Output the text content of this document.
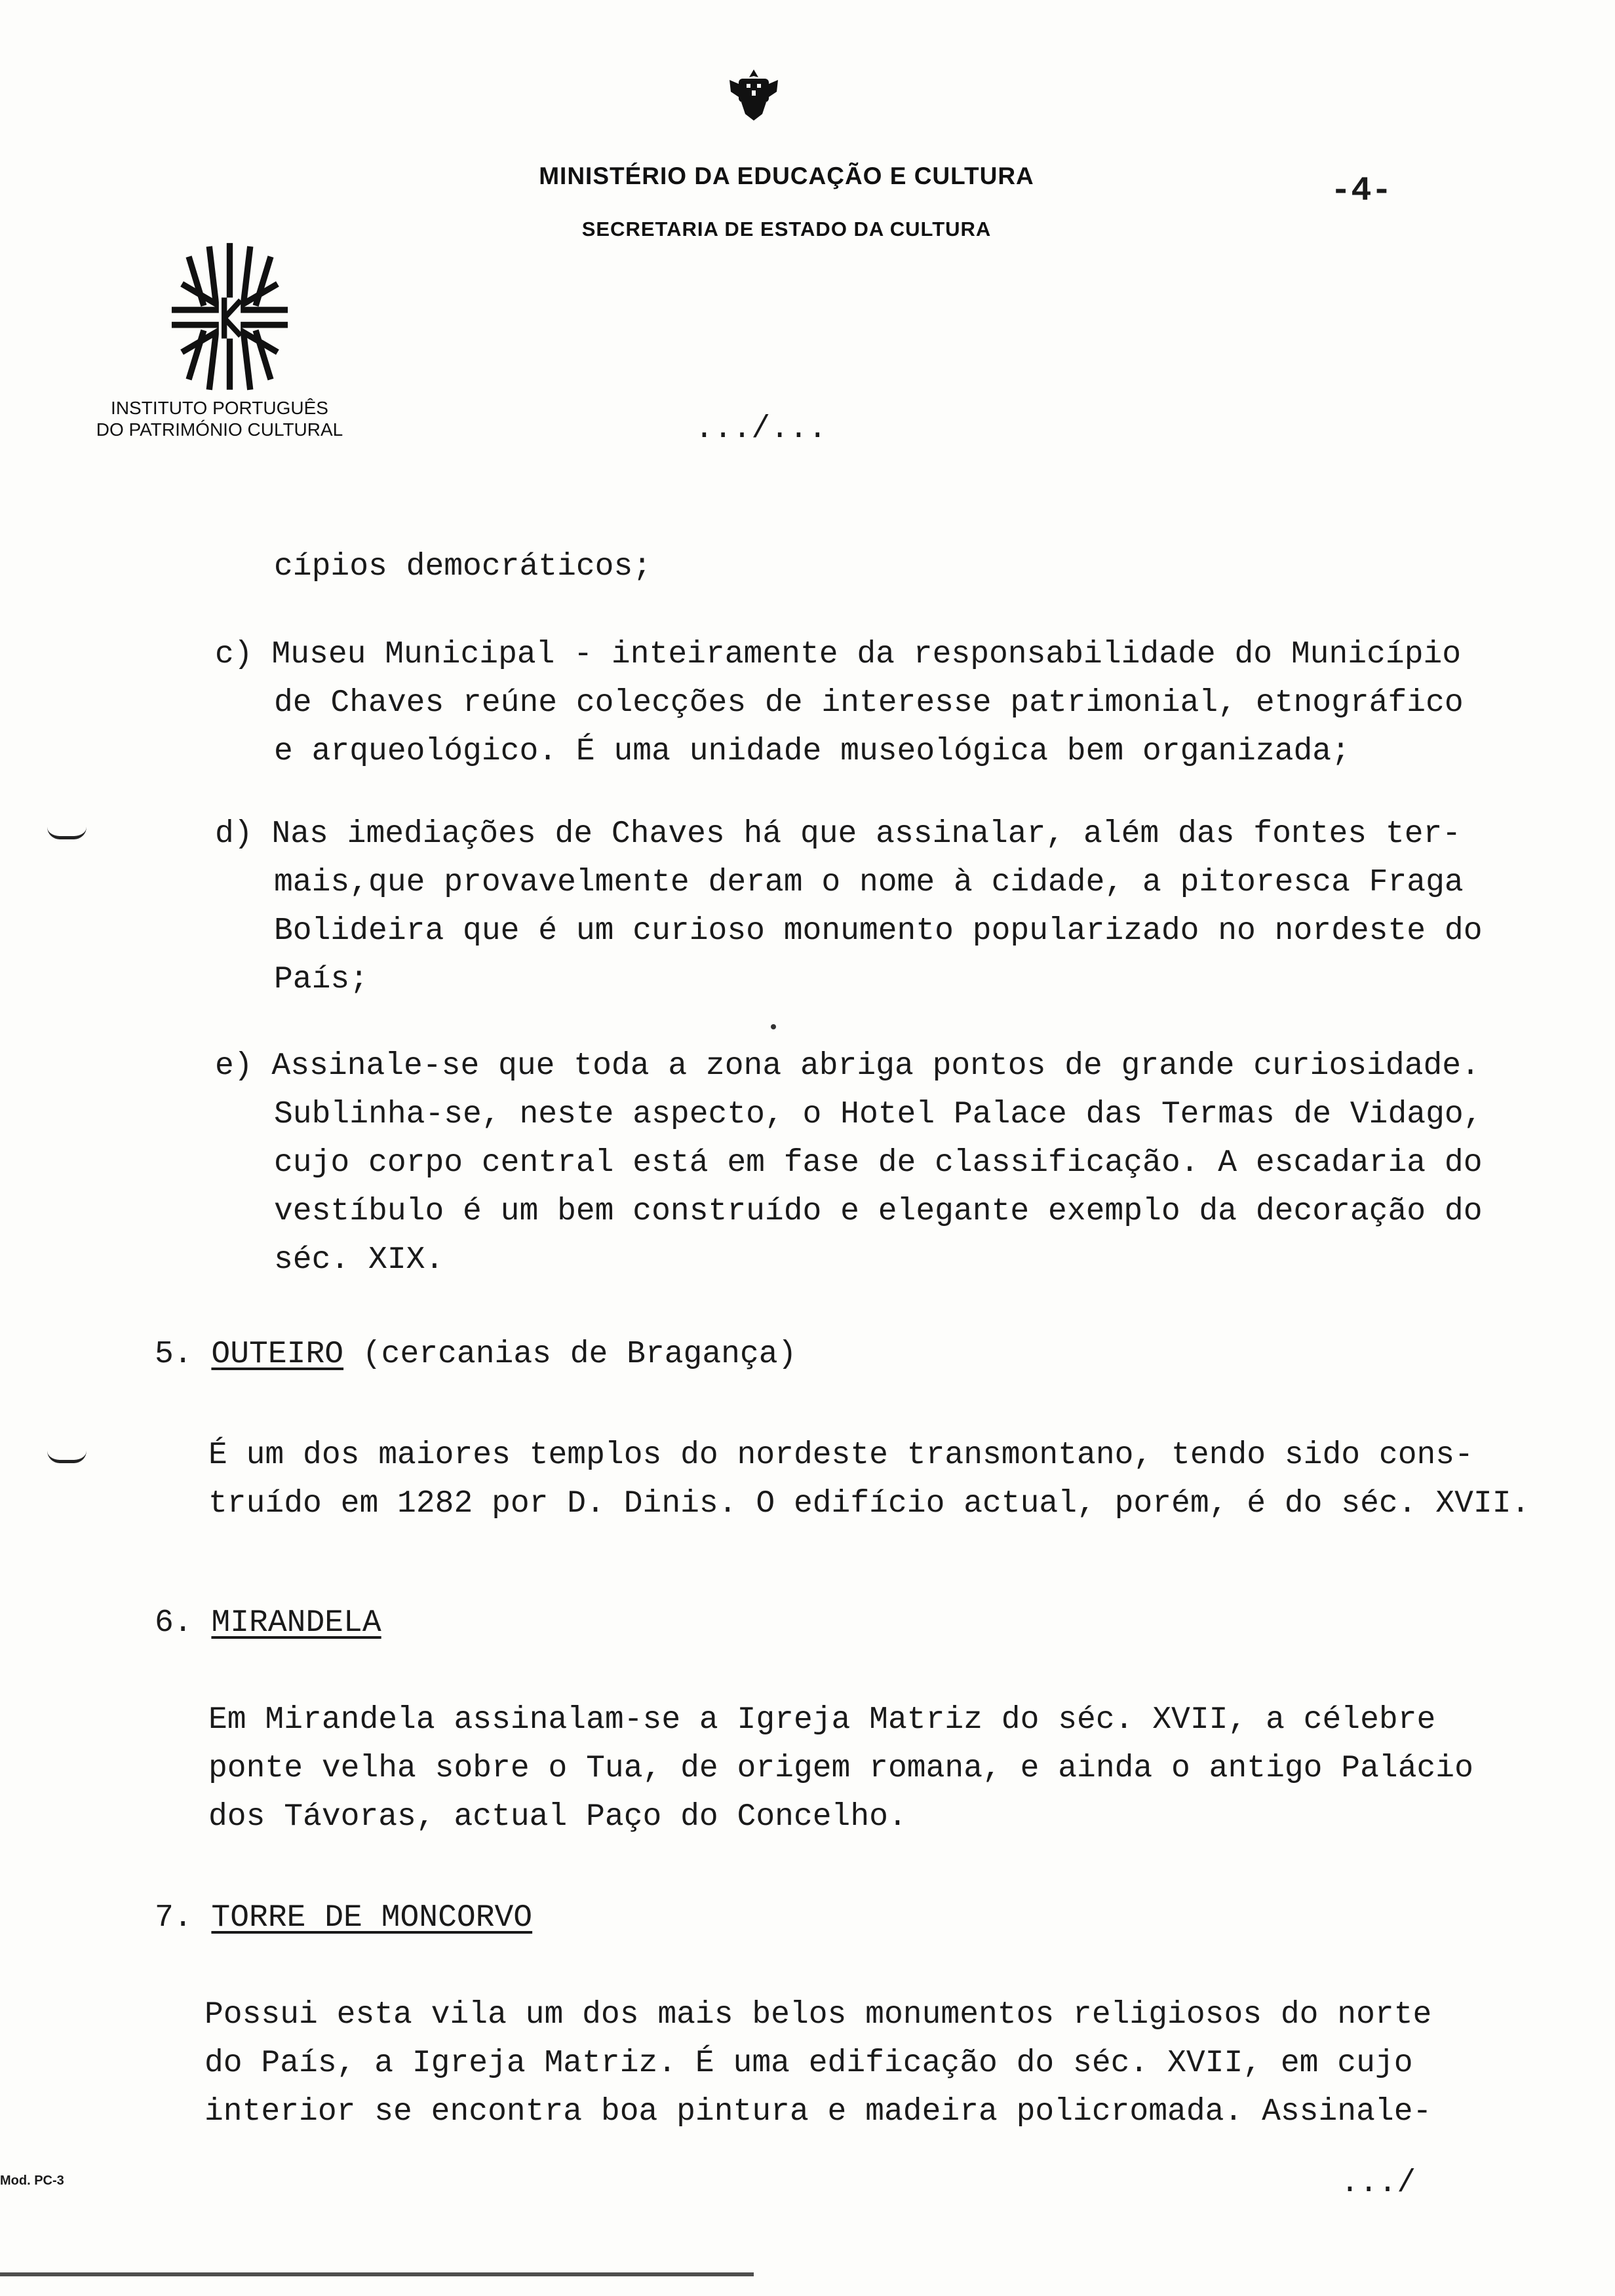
MINISTÉRIO DA EDUCAÇÃO E CULTURA
SECRETARIA DE ESTADO DA CULTURA
-4-
INSTITUTO PORTUGUÊS
DO PATRIMÓNIO CULTURAL	.../...
cípios democráticos;
c) Museu Municipal - inteiramente da responsabilidade do Município
de Chaves reúne colecções de interesse patrimonial, etnográfico
e arqueológico. É uma unidade museológica bem organizada;
d) Nas imediações de Chaves há que assinalar, além das fontes ter-
mais,que provavelmente deram o nome à cidade, a pitoresca Fraga
Bolideira que é um curioso monumento popularizado no nordeste do
País;
e) Assinale-se que toda a zona abriga pontos de grande curiosidade.
Sublinha-se, neste aspecto, o Hotel Palace das Termas de Vidago,
cujo corpo central está em fase de classificação. A escadaria do
vestíbulo é um bem construído e elegante exemplo da decoração do
séc. XIX.
5. OUTEIRO (cercanias de Bragança)
É um dos maiores templos do nordeste transmontano, tendo sido cons-
truído em 1282 por D. Dinis. O edifício actual, porém, é do séc. XVII.
6. MIRANDELA
Em Mirandela assinalam-se a Igreja Matriz do séc. XVII, a célebre
ponte velha sobre o Tua, de origem romana, e ainda o antigo Palácio
dos Távoras, actual Paço do Concelho.
7. TORRE DE MONCORVO
Possui esta vila um dos mais belos monumentos religiosos do norte
do País, a Igreja Matriz. É uma edificação do séc. XVII, em cujo
interior se encontra boa pintura e madeira policromada. Assinale-
Mod. PC-3	.../
